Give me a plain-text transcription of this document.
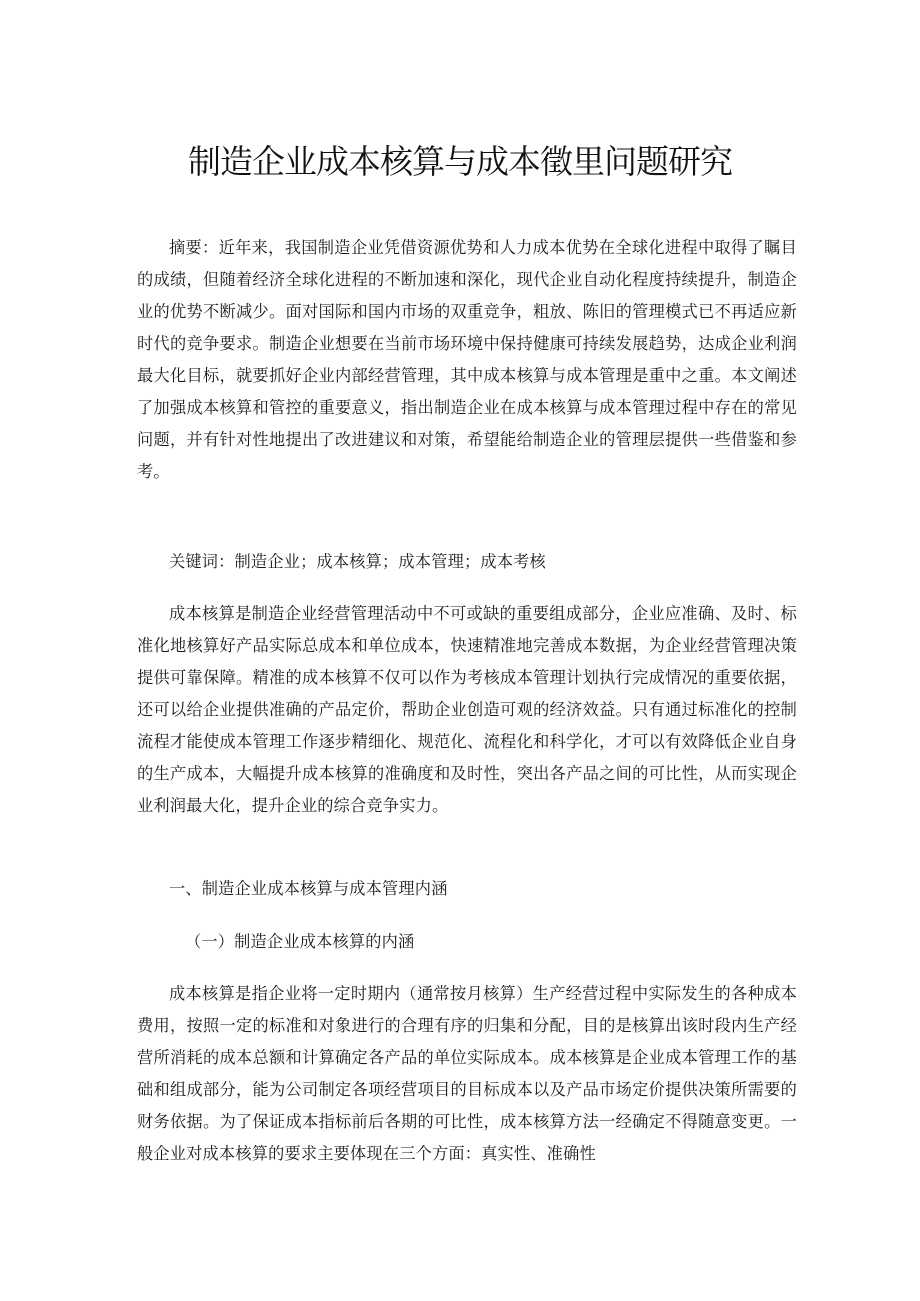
制造企业成本核算与成本徵里问题研究

摘要：近年来，我国制造企业凭借资源优势和人力成本优势在全球化进程中取得了瞩目的成绩，但随着经济全球化进程的不断加速和深化，现代企业自动化程度持续提升，制造企业的优势不断减少。面对国际和国内市场的双重竞争，粗放、陈旧的管理模式已不再适应新时代的竞争要求。制造企业想要在当前市场环境中保持健康可持续发展趋势，达成企业利润最大化目标，就要抓好企业内部经营管理，其中成本核算与成本管理是重中之重。本文阐述了加强成本核算和管控的重要意义，指出制造企业在成本核算与成本管理过程中存在的常见问题，并有针对性地提出了改进建议和对策，希望能给制造企业的管理层提供一些借鉴和参考。

关键词：制造企业；成本核算；成本管理；成本考核

成本核算是制造企业经营管理活动中不可或缺的重要组成部分，企业应准确、及时、标准化地核算好产品实际总成本和单位成本，快速精准地完善成本数据，为企业经营管理决策提供可靠保障。精准的成本核算不仅可以作为考核成本管理计划执行完成情况的重要依据，还可以给企业提供准确的产品定价，帮助企业创造可观的经济效益。只有通过标准化的控制流程才能使成本管理工作逐步精细化、规范化、流程化和科学化，才可以有效降低企业自身的生产成本，大幅提升成本核算的准确度和及时性，突出各产品之间的可比性，从而实现企业利润最大化，提升企业的综合竞争实力。

一、制造企业成本核算与成本管理内涵

（一）制造企业成本核算的内涵

成本核算是指企业将一定时期内（通常按月核算）生产经营过程中实际发生的各种成本费用，按照一定的标准和对象进行的合理有序的归集和分配，目的是核算出该时段内生产经营所消耗的成本总额和计算确定各产品的单位实际成本。成本核算是企业成本管理工作的基础和组成部分，能为公司制定各项经营项目的目标成本以及产品市场定价提供决策所需要的财务依据。为了保证成本指标前后各期的可比性，成本核算方法一经确定不得随意变更。一般企业对成本核算的要求主要体现在三个方面：真实性、准确性
